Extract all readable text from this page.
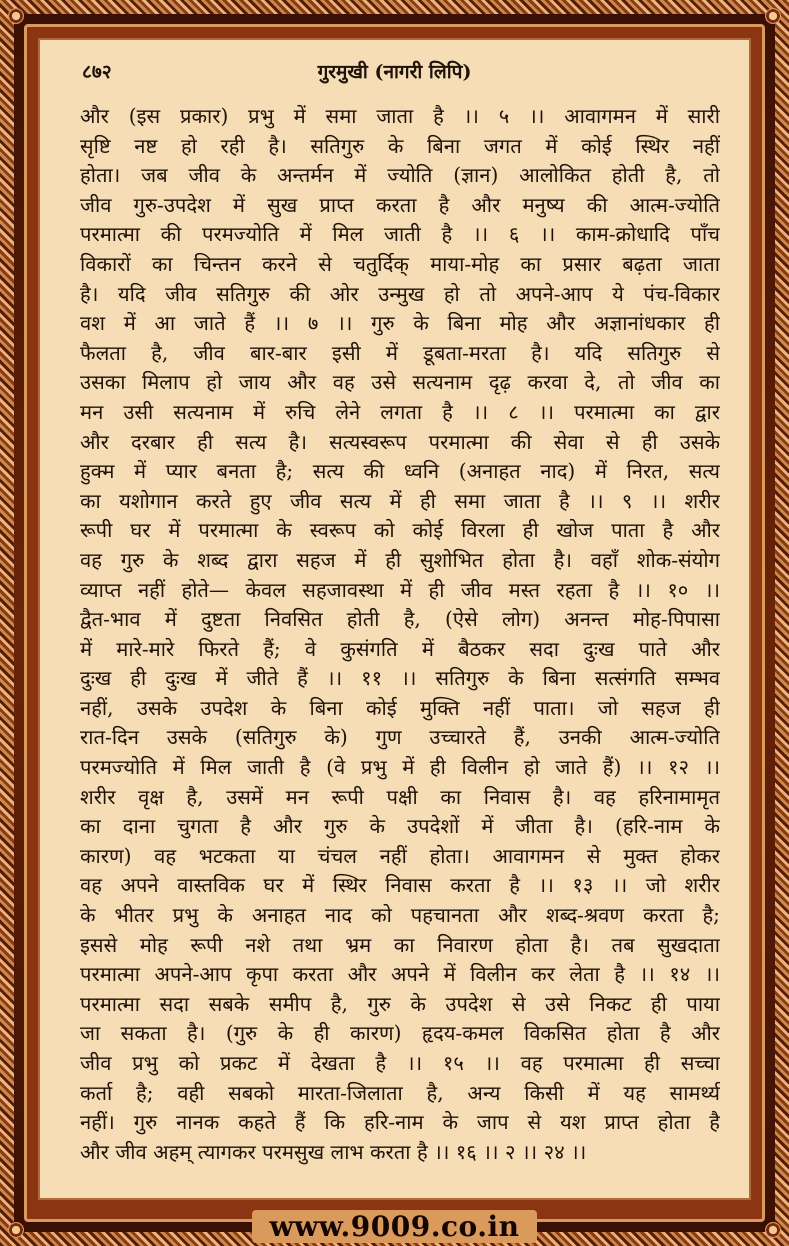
८७२	गुरमुखी (नागरी लिपि)
और (इस प्रकार) प्रभु में समा जाता है ।। ५ ।। आवागमन में सारी
सृष्टि नष्ट हो रही है। सतिगुरु के बिना जगत में कोई स्थिर नहीं
होता। जब जीव के अन्तर्मन में ज्योति (ज्ञान) आलोकित होती है, तो
जीव गुरु-उपदेश में सुख प्राप्त करता है और मनुष्य की आत्म-ज्योति
परमात्मा की परमज्योति में मिल जाती है ।। ६ ।। काम-क्रोधादि पाँच
विकारों का चिन्तन करने से चतुर्दिक् माया-मोह का प्रसार बढ़ता जाता
है। यदि जीव सतिगुरु की ओर उन्मुख हो तो अपने-आप ये पंच-विकार
वश में आ जाते हैं ।। ७ ।। गुरु के बिना मोह और अज्ञानांधकार ही
फैलता है, जीव बार-बार इसी में डूबता-मरता है। यदि सतिगुरु से
उसका मिलाप हो जाय और वह उसे सत्यनाम दृढ़ करवा दे, तो जीव का
मन उसी सत्यनाम में रुचि लेने लगता है ।। ८ ।। परमात्मा का द्वार
और दरबार ही सत्य है। सत्यस्वरूप परमात्मा की सेवा से ही उसके
हुक्म में प्यार बनता है; सत्य की ध्वनि (अनाहत नाद) में निरत, सत्य
का यशोगान करते हुए जीव सत्य में ही समा जाता है ।। ९ ।। शरीर
रूपी घर में परमात्मा के स्वरूप को कोई विरला ही खोज पाता है और
वह गुरु के शब्द द्वारा सहज में ही सुशोभित होता है। वहाँ शोक-संयोग
व्याप्त नहीं होते— केवल सहजावस्था में ही जीव मस्त रहता है ।। १० ।।
द्वैत-भाव में दुष्टता निवसित होती है, (ऐसे लोग) अनन्त मोह-पिपासा
में मारे-मारे फिरते हैं; वे कुसंगति में बैठकर सदा दुःख पाते और
दुःख ही दुःख में जीते हैं ।। ११ ।। सतिगुरु के बिना सत्संगति सम्भव
नहीं, उसके उपदेश के बिना कोई मुक्ति नहीं पाता। जो सहज ही
रात-दिन उसके (सतिगुरु के) गुण उच्चारते हैं, उनकी आत्म-ज्योति
परमज्योति में मिल जाती है (वे प्रभु में ही विलीन हो जाते हैं) ।। १२ ।।
शरीर वृक्ष है, उसमें मन रूपी पक्षी का निवास है। वह हरिनामामृत
का दाना चुगता है और गुरु के उपदेशों में जीता है। (हरि-नाम के
कारण) वह भटकता या चंचल नहीं होता। आवागमन से मुक्त होकर
वह अपने वास्तविक घर में स्थिर निवास करता है ।। १३ ।। जो शरीर
के भीतर प्रभु के अनाहत नाद को पहचानता और शब्द-श्रवण करता है;
इससे मोह रूपी नशे तथा भ्रम का निवारण होता है। तब सुखदाता
परमात्मा अपने-आप कृपा करता और अपने में विलीन कर लेता है ।। १४ ।।
परमात्मा सदा सबके समीप है, गुरु के उपदेश से उसे निकट ही पाया
जा सकता है। (गुरु के ही कारण) हृदय-कमल विकसित होता है और
जीव प्रभु को प्रकट में देखता है ।। १५ ।। वह परमात्मा ही सच्चा
कर्ता है; वही सबको मारता-जिलाता है, अन्य किसी में यह सामर्थ्य
नहीं। गुरु नानक कहते हैं कि हरि-नाम के जाप से यश प्राप्त होता है
और जीव अहम् त्यागकर परमसुख लाभ करता है ।। १६ ।। २ ।। २४ ।।
www.9009.co.in
